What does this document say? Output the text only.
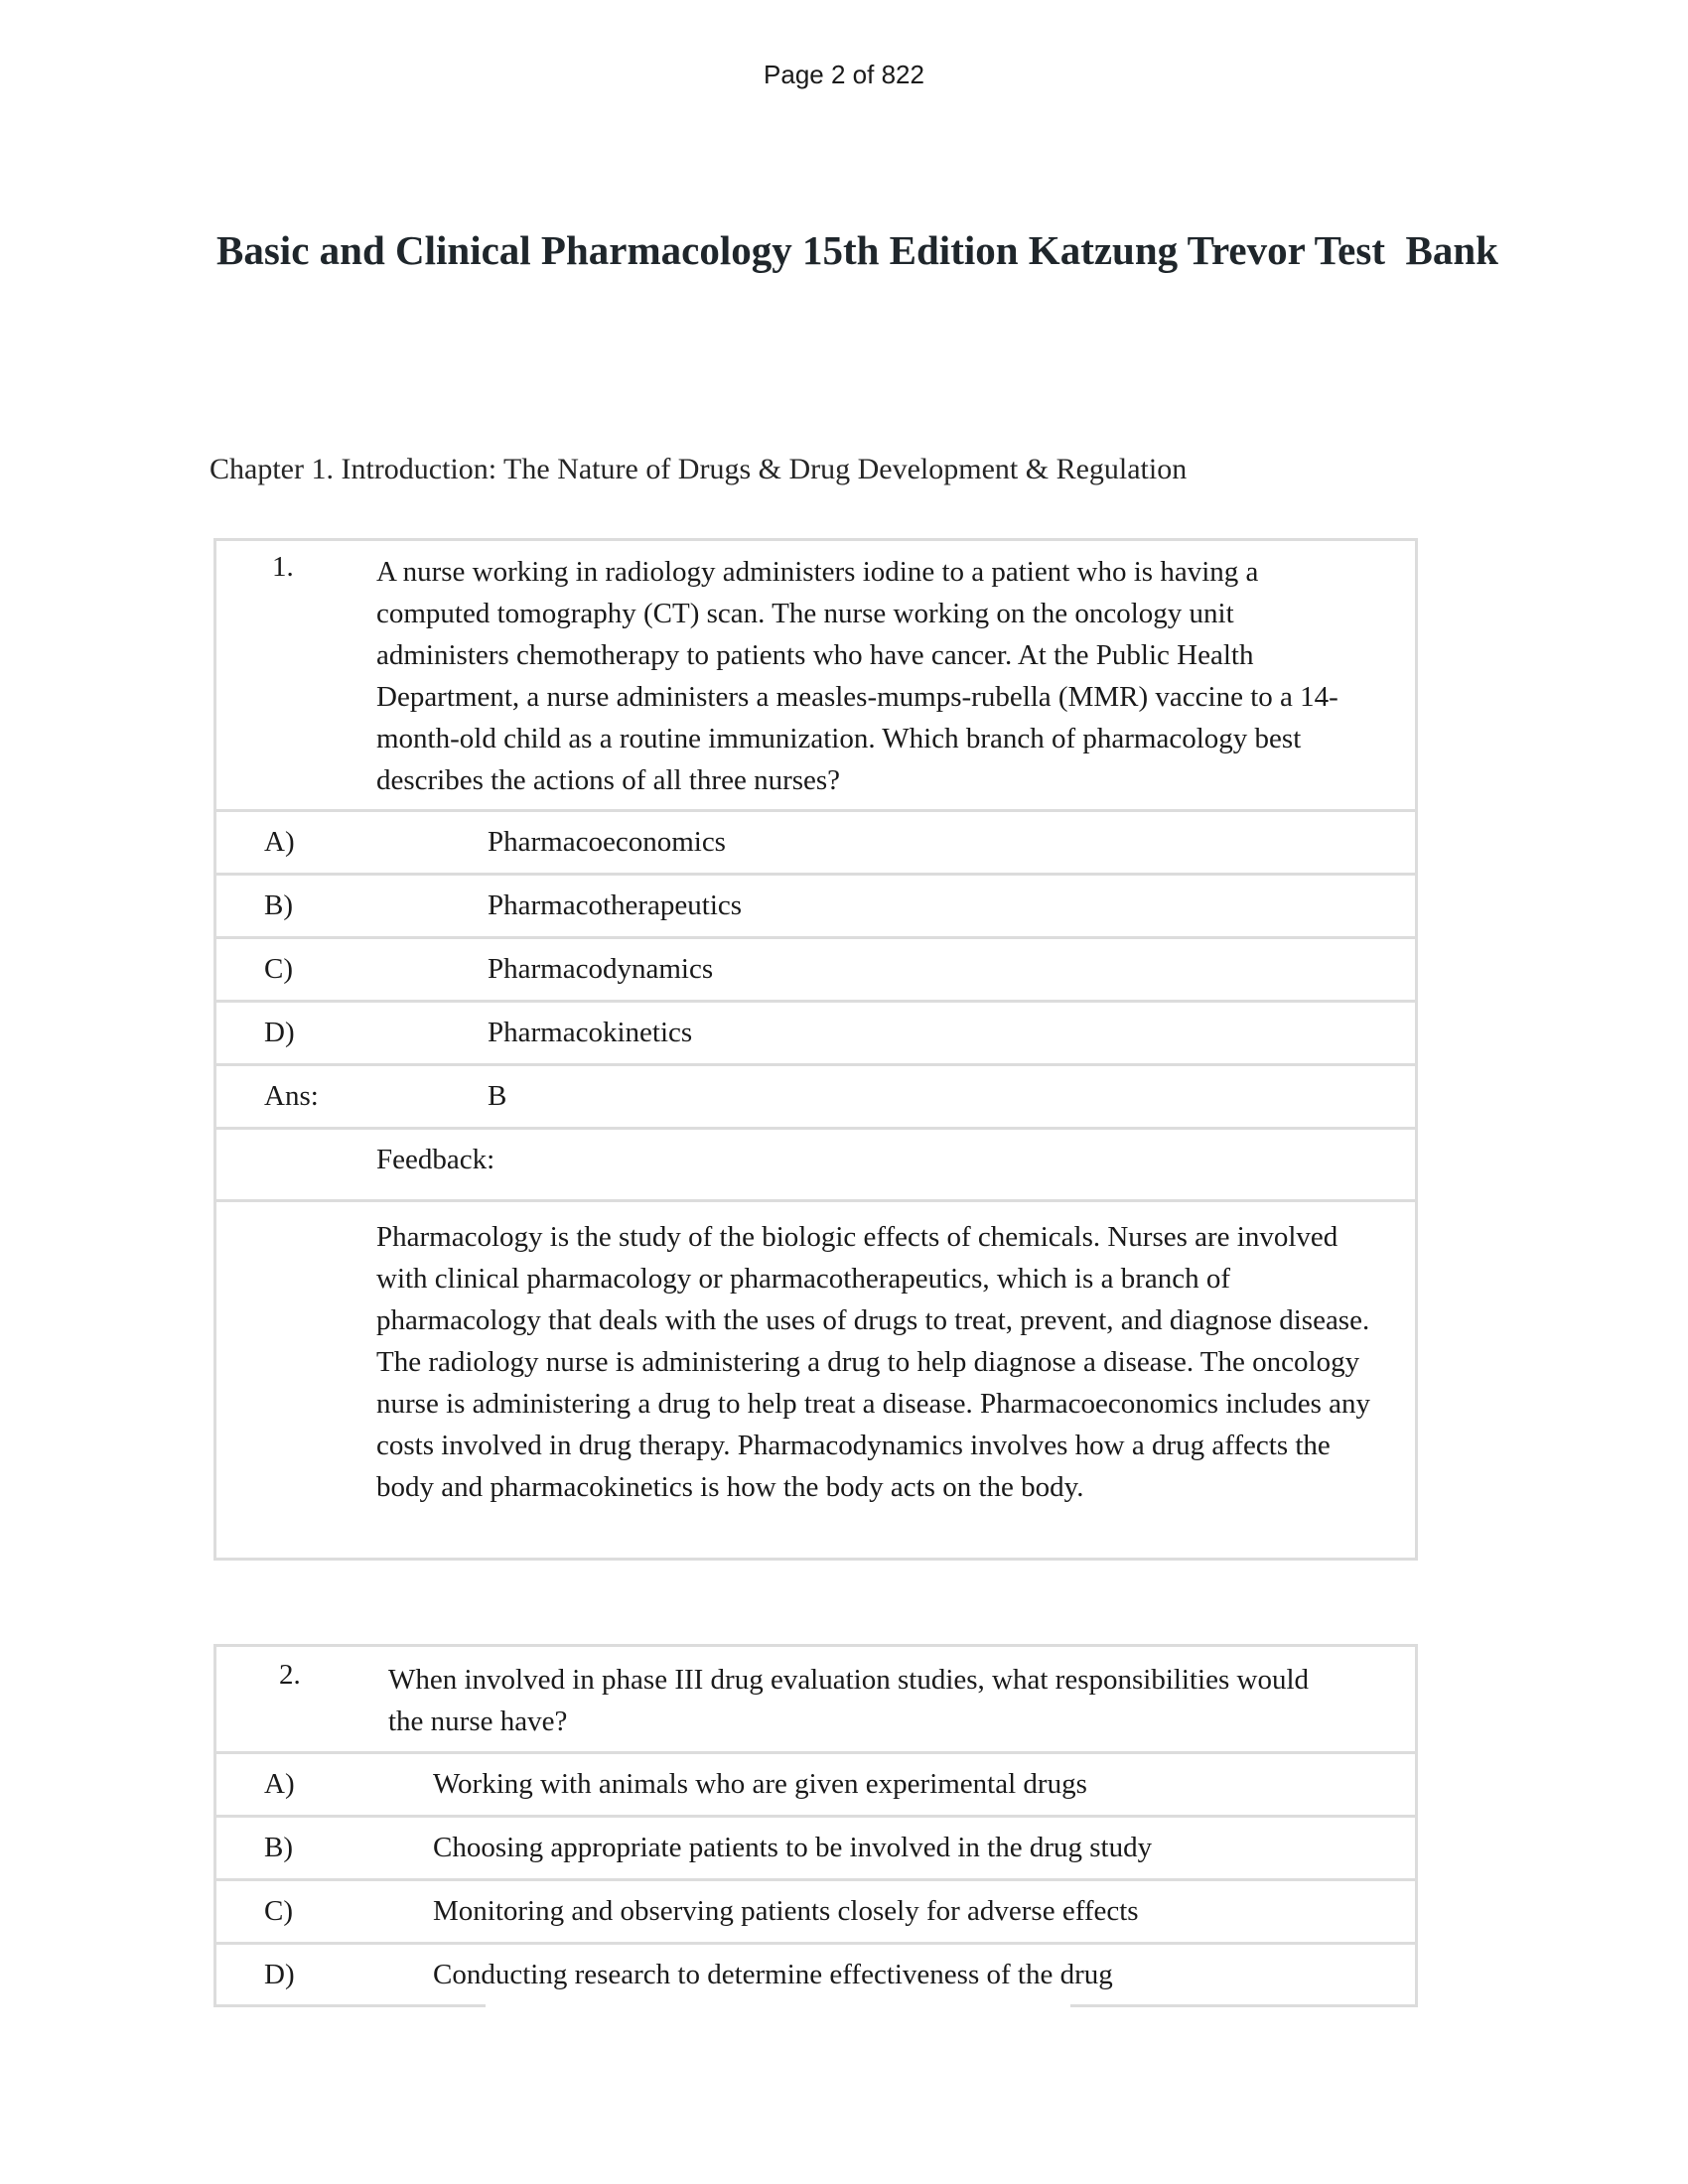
Page 2 of 822
Basic and Clinical Pharmacology 15th Edition Katzung Trevor Test  Bank
Chapter 1. Introduction: The Nature of Drugs & Drug Development & Regulation
1.	A nurse working in radiology administers iodine to a patient who is having a computed tomography (CT) scan. The nurse working on the oncology unit administers chemotherapy to patients who have cancer. At the Public Health Department, a nurse administers a measles-mumps-rubella (MMR) vaccine to a 14-month-old child as a routine immunization. Which branch of pharmacology best describes the actions of all three nurses?
A)	Pharmacoeconomics
B)	Pharmacotherapeutics
C)	Pharmacodynamics
D)	Pharmacokinetics
Ans:	B
Feedback:
Pharmacology is the study of the biologic effects of chemicals. Nurses are involved with clinical pharmacology or pharmacotherapeutics, which is a branch of pharmacology that deals with the uses of drugs to treat, prevent, and diagnose disease. The radiology nurse is administering a drug to help diagnose a disease. The oncology nurse is administering a drug to help treat a disease. Pharmacoeconomics includes any costs involved in drug therapy. Pharmacodynamics involves how a drug affects the body and pharmacokinetics is how the body acts on the body.
2.	When involved in phase III drug evaluation studies, what responsibilities would the nurse have?
A)	Working with animals who are given experimental drugs
B)	Choosing appropriate patients to be involved in the drug study
C)	Monitoring and observing patients closely for adverse effects
D)	Conducting research to determine effectiveness of the drug
